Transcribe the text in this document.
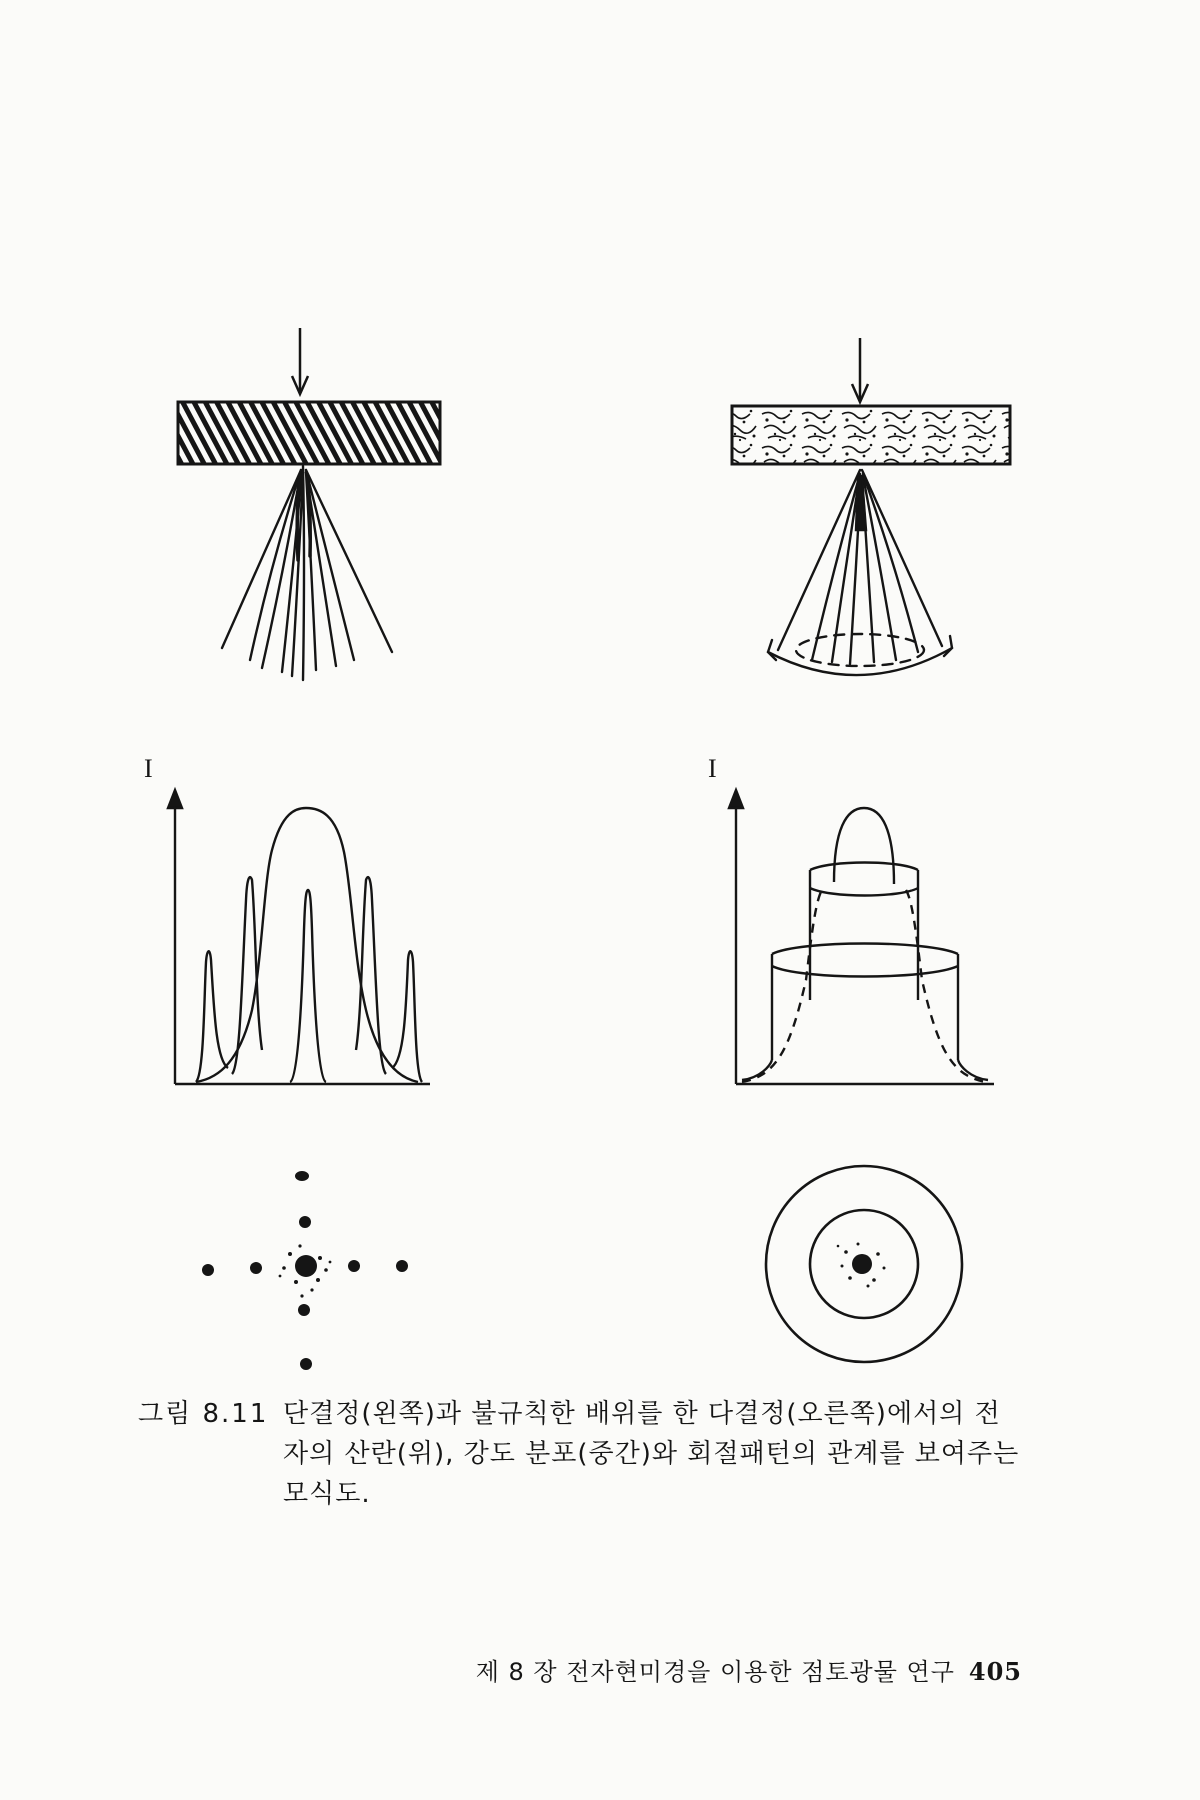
I	I
그림 8.11 단결정(왼쪽)과 불규칙한 배위를 한 다결정(오른쪽)에서의 전자의 산란(위), 강도 분포(중간)와 회절패턴의 관계를 보여주는 모식도.
제 8 장 전자현미경을 이용한 점토광물 연구 405
